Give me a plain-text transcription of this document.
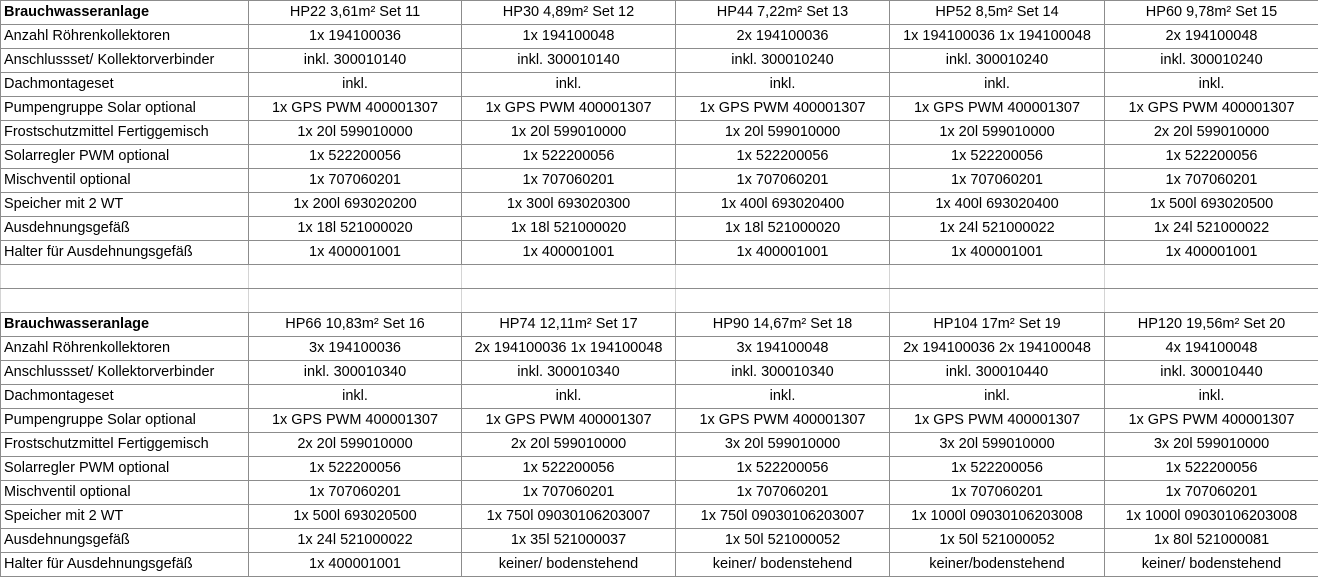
Brauchwasseranlage	HP22 3,61m² Set 11	HP30 4,89m² Set 12	HP44 7,22m² Set 13	HP52 8,5m² Set 14	HP60 9,78m² Set 15
Anzahl Röhrenkollektoren	1x 194100036	1x 194100048	2x 194100036	1x 194100036 1x 194100048	2x 194100048
Anschlussset/ Kollektorverbinder	inkl. 300010140	inkl. 300010140	inkl. 300010240	inkl. 300010240	inkl. 300010240
Dachmontageset	inkl.	inkl.	inkl.	inkl.	inkl.
Pumpengruppe Solar optional	1x GPS PWM 400001307	1x GPS PWM 400001307	1x GPS PWM 400001307	1x GPS PWM 400001307	1x GPS PWM 400001307
Frostschutzmittel Fertiggemisch	1x 20l 599010000	1x 20l 599010000	1x 20l 599010000	1x 20l 599010000	2x 20l 599010000
Solarregler PWM optional	1x 522200056	1x 522200056	1x 522200056	1x 522200056	1x 522200056
Mischventil optional	1x 707060201	1x 707060201	1x 707060201	1x 707060201	1x 707060201
Speicher mit 2 WT	1x 200l 693020200	1x 300l 693020300	1x 400l 693020400	1x 400l 693020400	1x 500l 693020500
Ausdehnungsgefäß	1x 18l 521000020	1x 18l 521000020	1x 18l 521000020	1x 24l 521000022	1x 24l 521000022
Halter für Ausdehnungsgefäß	1x 400001001	1x 400001001	1x 400001001	1x 400001001	1x 400001001

Brauchwasseranlage	HP66 10,83m² Set 16	HP74 12,11m² Set 17	HP90 14,67m² Set 18	HP104 17m² Set 19	HP120 19,56m² Set 20
Anzahl Röhrenkollektoren	3x 194100036	2x 194100036 1x 194100048	3x 194100048	2x 194100036 2x 194100048	4x 194100048
Anschlussset/ Kollektorverbinder	inkl. 300010340	inkl. 300010340	inkl. 300010340	inkl. 300010440	inkl. 300010440
Dachmontageset	inkl.	inkl.	inkl.	inkl.	inkl.
Pumpengruppe Solar optional	1x GPS PWM 400001307	1x GPS PWM 400001307	1x GPS PWM 400001307	1x GPS PWM 400001307	1x GPS PWM 400001307
Frostschutzmittel Fertiggemisch	2x 20l 599010000	2x 20l 599010000	3x 20l 599010000	3x 20l 599010000	3x 20l 599010000
Solarregler PWM optional	1x 522200056	1x 522200056	1x 522200056	1x 522200056	1x 522200056
Mischventil optional	1x 707060201	1x 707060201	1x 707060201	1x 707060201	1x 707060201
Speicher mit 2 WT	1x 500l 693020500	1x 750l 09030106203007	1x 750l 09030106203007	1x 1000l 09030106203008	1x 1000l 09030106203008
Ausdehnungsgefäß	1x 24l 521000022	1x 35l 521000037	1x 50l 521000052	1x 50l 521000052	1x 80l 521000081
Halter für Ausdehnungsgefäß	1x 400001001	keiner/ bodenstehend	keiner/ bodenstehend	keiner/bodenstehend	keiner/ bodenstehend
